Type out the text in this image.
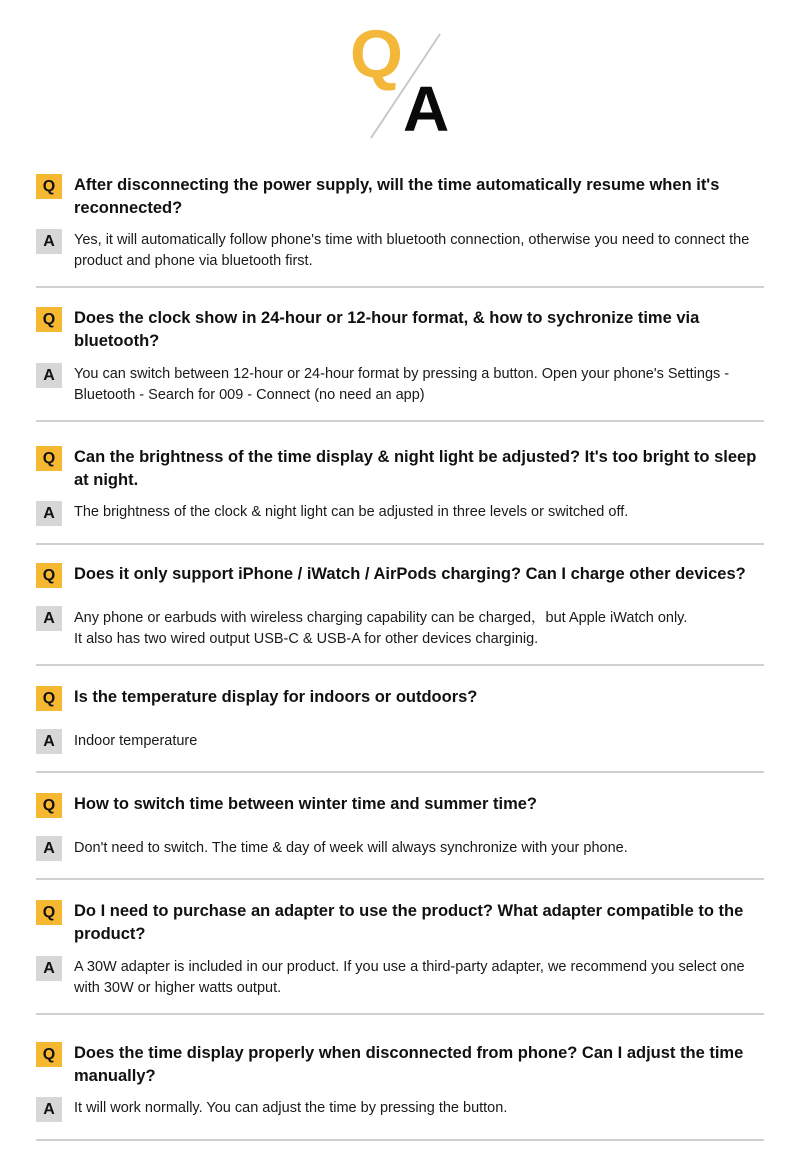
Q
A
Q	After disconnecting the power supply, will the time automatically resume when it's reconnected?
A	Yes, it will automatically follow phone's time with bluetooth connection, otherwise you need to connect the product and phone via bluetooth first.
Q	Does the clock show in 24-hour or 12-hour format, & how to sychronize time via bluetooth?
A	You can switch between 12-hour or 24-hour format by pressing a button. Open your phone's Settings - Bluetooth - Search for 009 - Connect (no need an app)
Q	Can the brightness of the time display & night light be adjusted? It's too bright to sleep at night.
A	The brightness of the clock & night light can be adjusted in three levels or switched off.
Q	Does it only support iPhone / iWatch / AirPods charging? Can I charge other devices?
A	Any phone or earbuds with wireless charging capability can be charged，but Apple iWatch only.
It also has two wired output USB-C & USB-A for other devices charginig.
Q	Is the temperature display for indoors or outdoors?
A	Indoor temperature
Q	How to switch time between winter time and summer time?
A	Don't need to switch. The time & day of week will always synchronize with your phone.
Q	Do I need to purchase an adapter to use the product? What adapter compatible to the product?
A	A 30W adapter is included in our product. If you use a third-party adapter, we recommend you select one with 30W or higher watts output.
Q	Does the time display properly when disconnected from phone? Can I adjust the time manually?
A	It will work normally. You can adjust the time by pressing the button.
